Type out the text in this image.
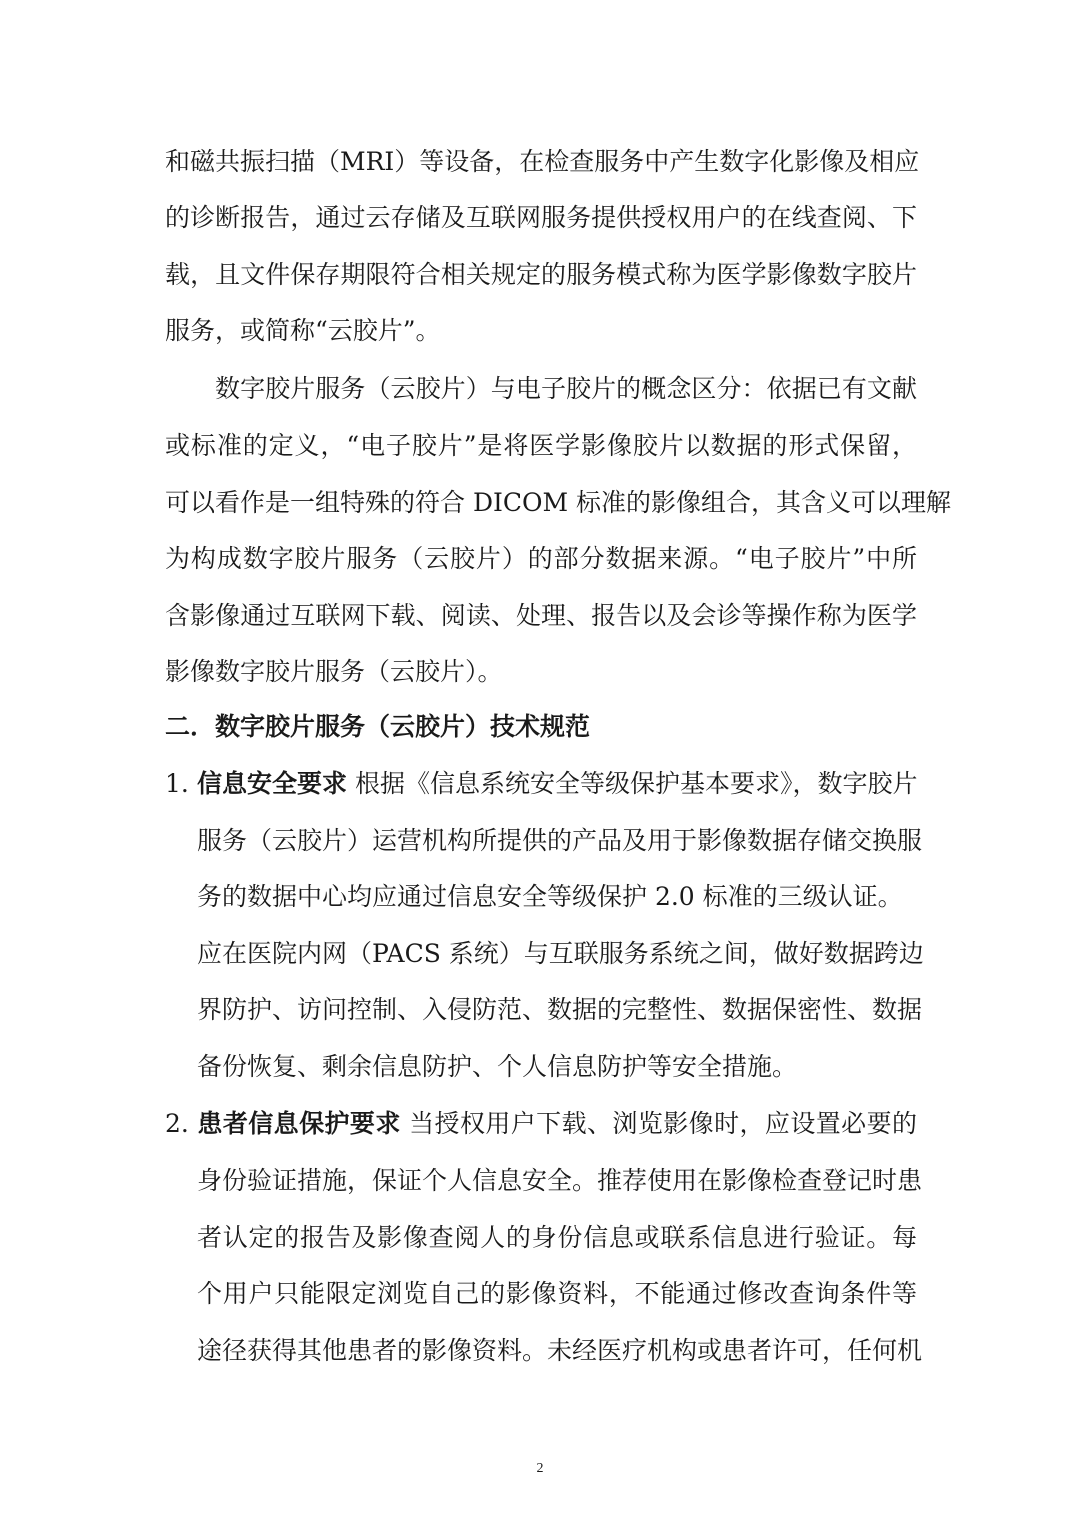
和磁共振扫描（MRI）等设备，在检查服务中产生数字化影像及相应
的诊断报告，通过云存储及互联网服务提供授权用户的在线查阅、下
载，且文件保存期限符合相关规定的服务模式称为医学影像数字胶片
服务，或简称“云胶片”。
数字胶片服务（云胶片）与电子胶片的概念区分：依据已有文献
或标准的定义，“电子胶片”是将医学影像胶片以数据的形式保留，
可以看作是一组特殊的符合 DICOM 标准的影像组合，其含义可以理解
为构成数字胶片服务（云胶片）的部分数据来源。“电子胶片”中所
含影像通过互联网下载、阅读、处理、报告以及会诊等操作称为医学
影像数字胶片服务（云胶片）。
二．数字胶片服务（云胶片）技术规范
1. 信息安全要求 根据《信息系统安全等级保护基本要求》，数字胶片
服务（云胶片）运营机构所提供的产品及用于影像数据存储交换服
务的数据中心均应通过信息安全等级保护 2.0 标准的三级认证。
应在医院内网（PACS 系统）与互联服务系统之间，做好数据跨边
界防护、访问控制、入侵防范、数据的完整性、数据保密性、数据
备份恢复、剩余信息防护、个人信息防护等安全措施。
2. 患者信息保护要求 当授权用户下载、浏览影像时，应设置必要的
身份验证措施，保证个人信息安全。推荐使用在影像检查登记时患
者认定的报告及影像查阅人的身份信息或联系信息进行验证。每
个用户只能限定浏览自己的影像资料，不能通过修改查询条件等
途径获得其他患者的影像资料。未经医疗机构或患者许可，任何机
2
